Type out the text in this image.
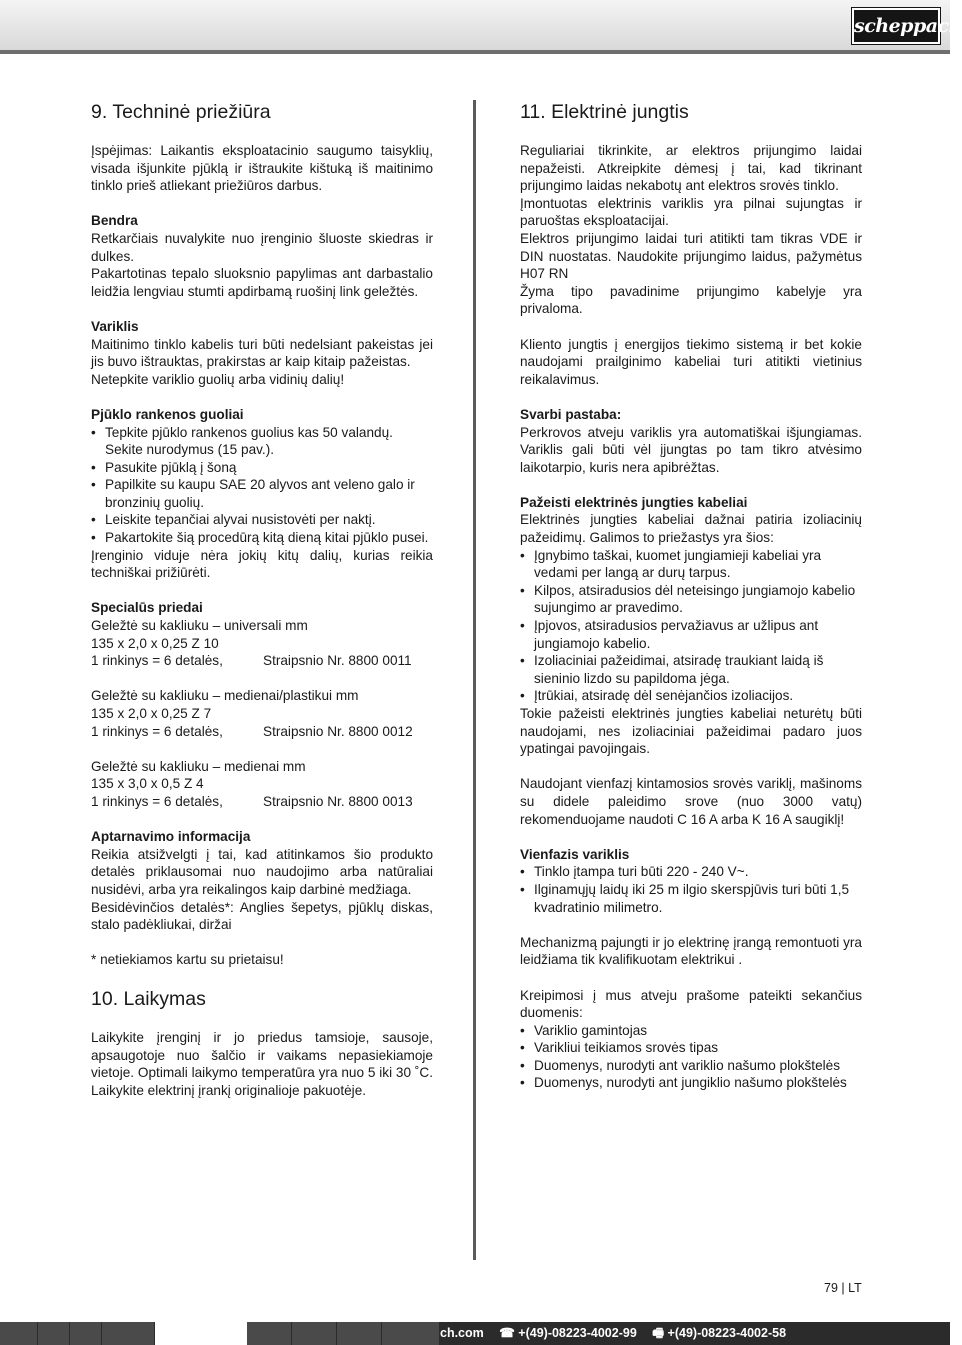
scheppach
9. Techninė priežiūra

Įspėjimas: Laikantis eksploatacinio saugumo taisyklių, visada išjunkite pjūklą ir ištraukite kištuką iš maitinimo tinklo prieš atliekant priežiūros darbus.

Bendra

Retkarčiais nuvalykite nuo įrenginio šluoste skiedras ir dulkes.

Pakartotinas tepalo sluoksnio papylimas ant darbastalio leidžia lengviau stumti apdirbamą ruošinį link geležtės.

Variklis

Maitinimo tinklo kabelis turi būti nedelsiant pakeistas jei jis buvo ištrauktas, prakirstas ar kaip kitaip pažeistas.

Netepkite variklio guolių arba vidinių dalių!

Pjūklo rankenos guoliai

• Tepkite pjūklo rankenos guolius kas 50 valandų. Sekite nurodymus (15 pav.).
• Pasukite pjūklą į šoną
• Papilkite su kaupu SAE 20 alyvos ant veleno galo ir bronzinių guolių.
• Leiskite tepančiai alyvai nusistovėti per naktį.
• Pakartokite šią procedūrą kitą dieną kitai pjūklo pusei.

Įrenginio viduje nėra jokių kitų dalių, kurias reikia techniškai prižiūrėti.

Specialūs priedai

Geležtė su kakliuku – universali mm

135 x 2,0 x 0,25 Z 10

1 rinkinys = 6 detalės,	Straipsnio Nr. 8800 0011

Geležtė su kakliuku – medienai/plastikui mm

135 x 2,0 x 0,25 Z 7

1 rinkinys = 6 detalės,	Straipsnio Nr. 8800 0012

Geležtė su kakliuku – medienai mm

135 x 3,0 x 0,5 Z 4

1 rinkinys = 6 detalės,	Straipsnio Nr. 8800 0013

Aptarnavimo informacija

Reikia atsižvelgti į tai, kad atitinkamos šio produkto detalės priklausomai nuo naudojimo arba natūraliai nusidėvi, arba yra reikalingos kaip darbinė medžiaga.

Besidėvinčios detalės*: Anglies šepetys, pjūklų diskas, stalo padėkliukai, diržai

* netiekiamos kartu su prietaisu!

10. Laikymas

Laikykite įrenginį ir jo priedus tamsioje, sausoje, apsaugotoje nuo šalčio ir vaikams nepasiekiamoje vietoje. Optimali laikymo temperatūra yra nuo 5 iki 30 ˚C. Laikykite elektrinį įrankį originalioje pakuotėje.

11. Elektrinė jungtis

Reguliariai tikrinkite, ar elektros prijungimo laidai nepažeisti. Atkreipkite dėmesį į tai, kad tikrinant prijungimo laidas nekabotų ant elektros srovės tinklo.

Įmontuotas elektrinis variklis yra pilnai sujungtas ir paruoštas eksploatacijai.

Elektros prijungimo laidai turi atitikti tam tikras VDE ir DIN nuostatas. Naudokite prijungimo laidus, pažymėtus H07 RN

Žyma tipo pavadinime prijungimo kabelyje yra privaloma.

Kliento jungtis į energijos tiekimo sistemą ir bet kokie naudojami prailginimo kabeliai turi atitikti vietinius reikalavimus.

Svarbi pastaba:

Perkrovos atveju variklis yra automatiškai išjungiamas. Variklis gali būti vėl įjungtas po tam tikro atvėsimo laikotarpio, kuris nera apibrėžtas.

Pažeisti elektrinės jungties kabeliai

Elektrinės jungties kabeliai dažnai patiria izoliacinių pažeidimų. Galimos to priežastys yra šios:

• Įgnybimo taškai, kuomet jungiamieji kabeliai yra vedami per langą ar durų tarpus.
• Kilpos, atsiradusios dėl neteisingo jungiamojo kabelio sujungimo ar pravedimo.
• Įpjovos, atsiradusios pervažiavus ar užlipus ant jungiamojo kabelio.
• Izoliaciniai pažeidimai, atsiradę traukiant laidą iš sieninio lizdo su papildoma jėga.
• Įtrūkiai, atsiradę dėl senėjančios izoliacijos.

Tokie pažeisti elektrinės jungties kabeliai neturėtų būti naudojami, nes izoliaciniai pažeidimai padaro juos ypatingai pavojingais.

Naudojant vienfazį kintamosios srovės variklį, mašinoms su didele paleidimo srove (nuo 3000 vatų) rekomenduojame naudoti C 16 A arba K 16 A saugiklį!

Vienfazis variklis

• Tinklo įtampa turi būti 220 - 240 V~.
• Ilginamųjų laidų iki 25 m ilgio skerspjūvis turi būti 1,5 kvadratinio milimetro.

Mechanizmą pajungti ir jo elektrinę įrangą remontuoti yra leidžiama tik kvalifikuotam elektrikui .

Kreipimosi į mus atveju prašome pateikti sekančius duomenis:

• Variklio gamintojas
• Varikliui teikiamos srovės tipas
• Duomenys, nurodyti ant variklio našumo plokštelės
• Duomenys, nurodyti ant jungiklio našumo plokštelės
79 | LT
ch.com ☎ +(49)-08223-4002-99 🖷 +(49)-08223-4002-58
